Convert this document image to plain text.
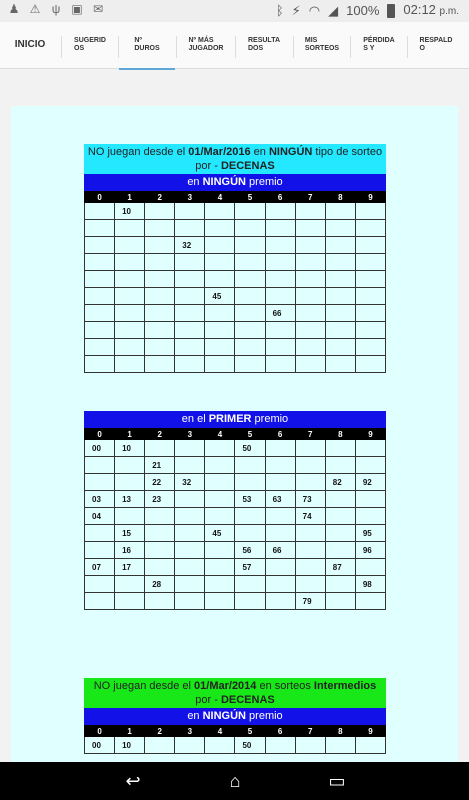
♟ ⚠ ψ ▣ ✉	ᛒ ⚡ ◠ ◢ 100% 02:12 p.m.
INICIO	SUGERID
OS
Nº
DUROS
Nº MÁS
JUGADOR
RESULTA
DOS
MIS
SORTEOS
PÉRDIDA
S Y
RESPALD
O
NO juegan desde el 01/Mar/2016 en NINGÚN tipo de sorteo por - DECENAS
en NINGÚN premio
0	1	2	3	4	5	6	7	8	9
	10								

			32						

				45					
						66			

en el PRIMER premio
0	1	2	3	4	5	6	7	8	9
00	10				50				
		21							
		22	32					82	92
03	13	23			53	63	73		
04							74		
	15			45					95
	16				56	66			96
07	17				57			87	
		28							98
							79		
NO juegan desde el 01/Mar/2014 en sorteos Intermedios por - DECENAS
en NINGÚN premio
0	1	2	3	4	5	6	7	8	9
00	10				50				
↩	⌂	▭
